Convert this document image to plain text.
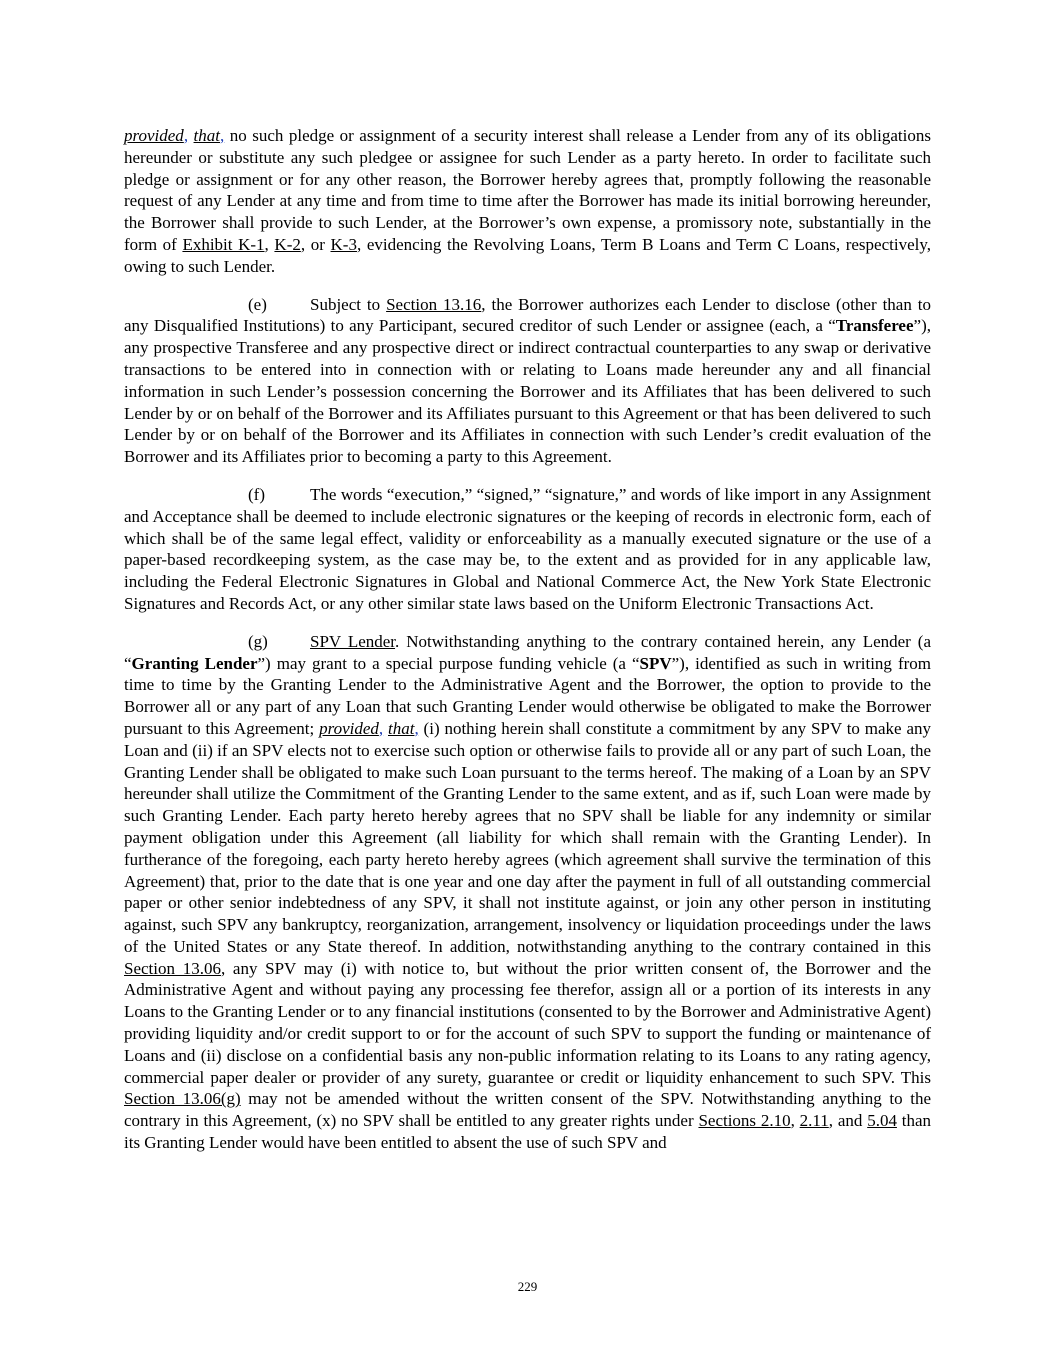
provided, that, no such pledge or assignment of a security interest shall release a Lender from any of its obligations hereunder or substitute any such pledgee or assignee for such Lender as a party hereto. In order to facilitate such pledge or assignment or for any other reason, the Borrower hereby agrees that, promptly following the reasonable request of any Lender at any time and from time to time after the Borrower has made its initial borrowing hereunder, the Borrower shall provide to such Lender, at the Borrower’s own expense, a promissory note, substantially in the form of Exhibit K-1, K-2, or K-3, evidencing the Revolving Loans, Term B Loans and Term C Loans, respectively, owing to such Lender.

(e)	Subject to Section 13.16, the Borrower authorizes each Lender to disclose (other than to any Disqualified Institutions) to any Participant, secured creditor of such Lender or assignee (each, a “Transferee”), any prospective Transferee and any prospective direct or indirect contractual counterparties to any swap or derivative transactions to be entered into in connection with or relating to Loans made hereunder any and all financial information in such Lender’s possession concerning the Borrower and its Affiliates that has been delivered to such Lender by or on behalf of the Borrower and its Affiliates pursuant to this Agreement or that has been delivered to such Lender by or on behalf of the Borrower and its Affiliates in connection with such Lender’s credit evaluation of the Borrower and its Affiliates prior to becoming a party to this Agreement.

(f)	The words “execution,” “signed,” “signature,” and words of like import in any Assignment and Acceptance shall be deemed to include electronic signatures or the keeping of records in electronic form, each of which shall be of the same legal effect, validity or enforceability as a manually executed signature or the use of a paper-based recordkeeping system, as the case may be, to the extent and as provided for in any applicable law, including the Federal Electronic Signatures in Global and National Commerce Act, the New York State Electronic Signatures and Records Act, or any other similar state laws based on the Uniform Electronic Transactions Act.

(g) SPV Lender. Notwithstanding anything to the contrary contained herein, any Lender (a “Granting Lender”) may grant to a special purpose funding vehicle (a “SPV”), identified as such in writing from time to time by the Granting Lender to the Administrative Agent and the Borrower, the option to provide to the Borrower all or any part of any Loan that such Granting Lender would otherwise be obligated to make the Borrower pursuant to this Agreement; provided, that, (i) nothing herein shall constitute a commitment by any SPV to make any Loan and (ii) if an SPV elects not to exercise such option or otherwise fails to provide all or any part of such Loan, the Granting Lender shall be obligated to make such Loan pursuant to the terms hereof. The making of a Loan by an SPV hereunder shall utilize the Commitment of the Granting Lender to the same extent, and as if, such Loan were made by such Granting Lender. Each party hereto hereby agrees that no SPV shall be liable for any indemnity or similar payment obligation under this Agreement (all liability for which shall remain with the Granting Lender). In furtherance of the foregoing, each party hereto hereby agrees (which agreement shall survive the termination of this Agreement) that, prior to the date that is one year and one day after the payment in full of all outstanding commercial paper or other senior indebtedness of any SPV, it shall not institute against, or join any other person in instituting against, such SPV any bankruptcy, reorganization, arrangement, insolvency or liquidation proceedings under the laws of the United States or any State thereof. In addition, notwithstanding anything to the contrary contained in this Section 13.06, any SPV may (i) with notice to, but without the prior written consent of, the Borrower and the Administrative Agent and without paying any processing fee therefor, assign all or a portion of its interests in any Loans to the Granting Lender or to any financial institutions (consented to by the Borrower and Administrative Agent) providing liquidity and/or credit support to or for the account of such SPV to support the funding or maintenance of Loans and (ii) disclose on a confidential basis any non-public information relating to its Loans to any rating agency, commercial paper dealer or provider of any surety, guarantee or credit or liquidity enhancement to such SPV. This Section 13.06(g) may not be amended without the written consent of the SPV. Notwithstanding anything to the contrary in this Agreement, (x) no SPV shall be entitled to any greater rights under Sections 2.10, 2.11, and 5.04 than its Granting Lender would have been entitled to absent the use of such SPV and

229
